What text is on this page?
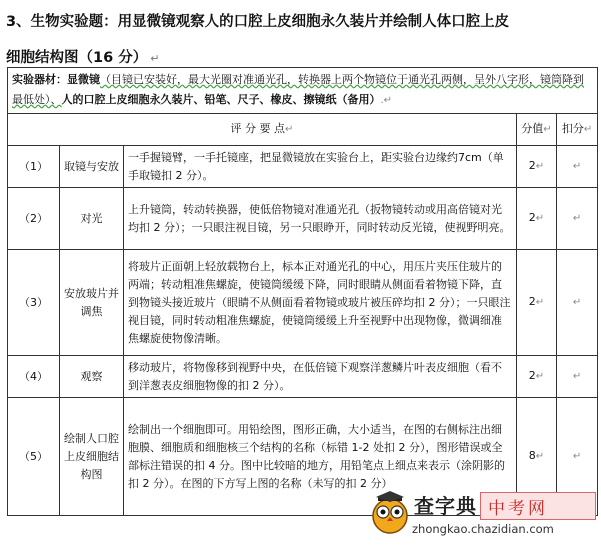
3、生物实验题：用显微镜观察人的口腔上皮细胞永久装片并绘制人体口腔上皮
细胞结构图（16 分） ↵
实验器材：显微镜（目镜已安装好，最大光圈对准通光孔，转换器上两个物镜位于通光孔两侧，呈外八字形，镜筒降到最低处）、人的口腔上皮细胞永久装片、铅笔、尺子、橡皮、擦镜纸（备用）.↵				
评 分 要 点↵			分值↵	扣分↵
（1）	取镜与安放	一手握镜臂，一手托镜座，把显微镜放在实验台上，距实验台边缘约7cm（单手取镜扣 2 分）。	2↵	↵
（2）	对光	上升镜筒，转动转换器，使低倍物镜对准通光孔（扳物镜转动或用高倍镜对光均扣 2 分）；一只眼注视目镜，另一只眼睁开，同时转动反光镜，使视野明亮。	2↵	↵
（3）	安放玻片并调焦	将玻片正面朝上轻放载物台上，标本正对通光孔的中心，用压片夹压住玻片的两端；转动粗准焦螺旋，使镜筒缓缓下降，同时眼睛从侧面看着物镜下降，直到物镜头接近玻片（眼睛不从侧面看着物镜或玻片被压碎均扣 2 分）；一只眼注视目镜，同时转动粗准焦螺旋，使镜筒缓缓上升至视野中出现物像，微调细准焦螺旋使物像清晰。	2↵	↵
（4）	观察	移动玻片，将物像移到视野中央，在低倍镜下观察洋葱鳞片叶表皮细胞（看不到洋葱表皮细胞物像的扣 2 分）。	2↵	↵
（5）	绘制人口腔上皮细胞结构图	绘制出一个细胞即可。用铅绘图，图形正确，大小适当，在图的右侧标注出细胞膜、细胞质和细胞核三个结构的名称（标错 1-2 处扣 2 分），图形错误或全部标注错误的扣 4 分。图中比较暗的地方，用铅笔点上细点来表示（涂阴影的扣 2 分）。在图的下方写上图的名称（未写的扣 2 分）	8↵	↵
查字典 中考网
zhongkao.chazidian.com
